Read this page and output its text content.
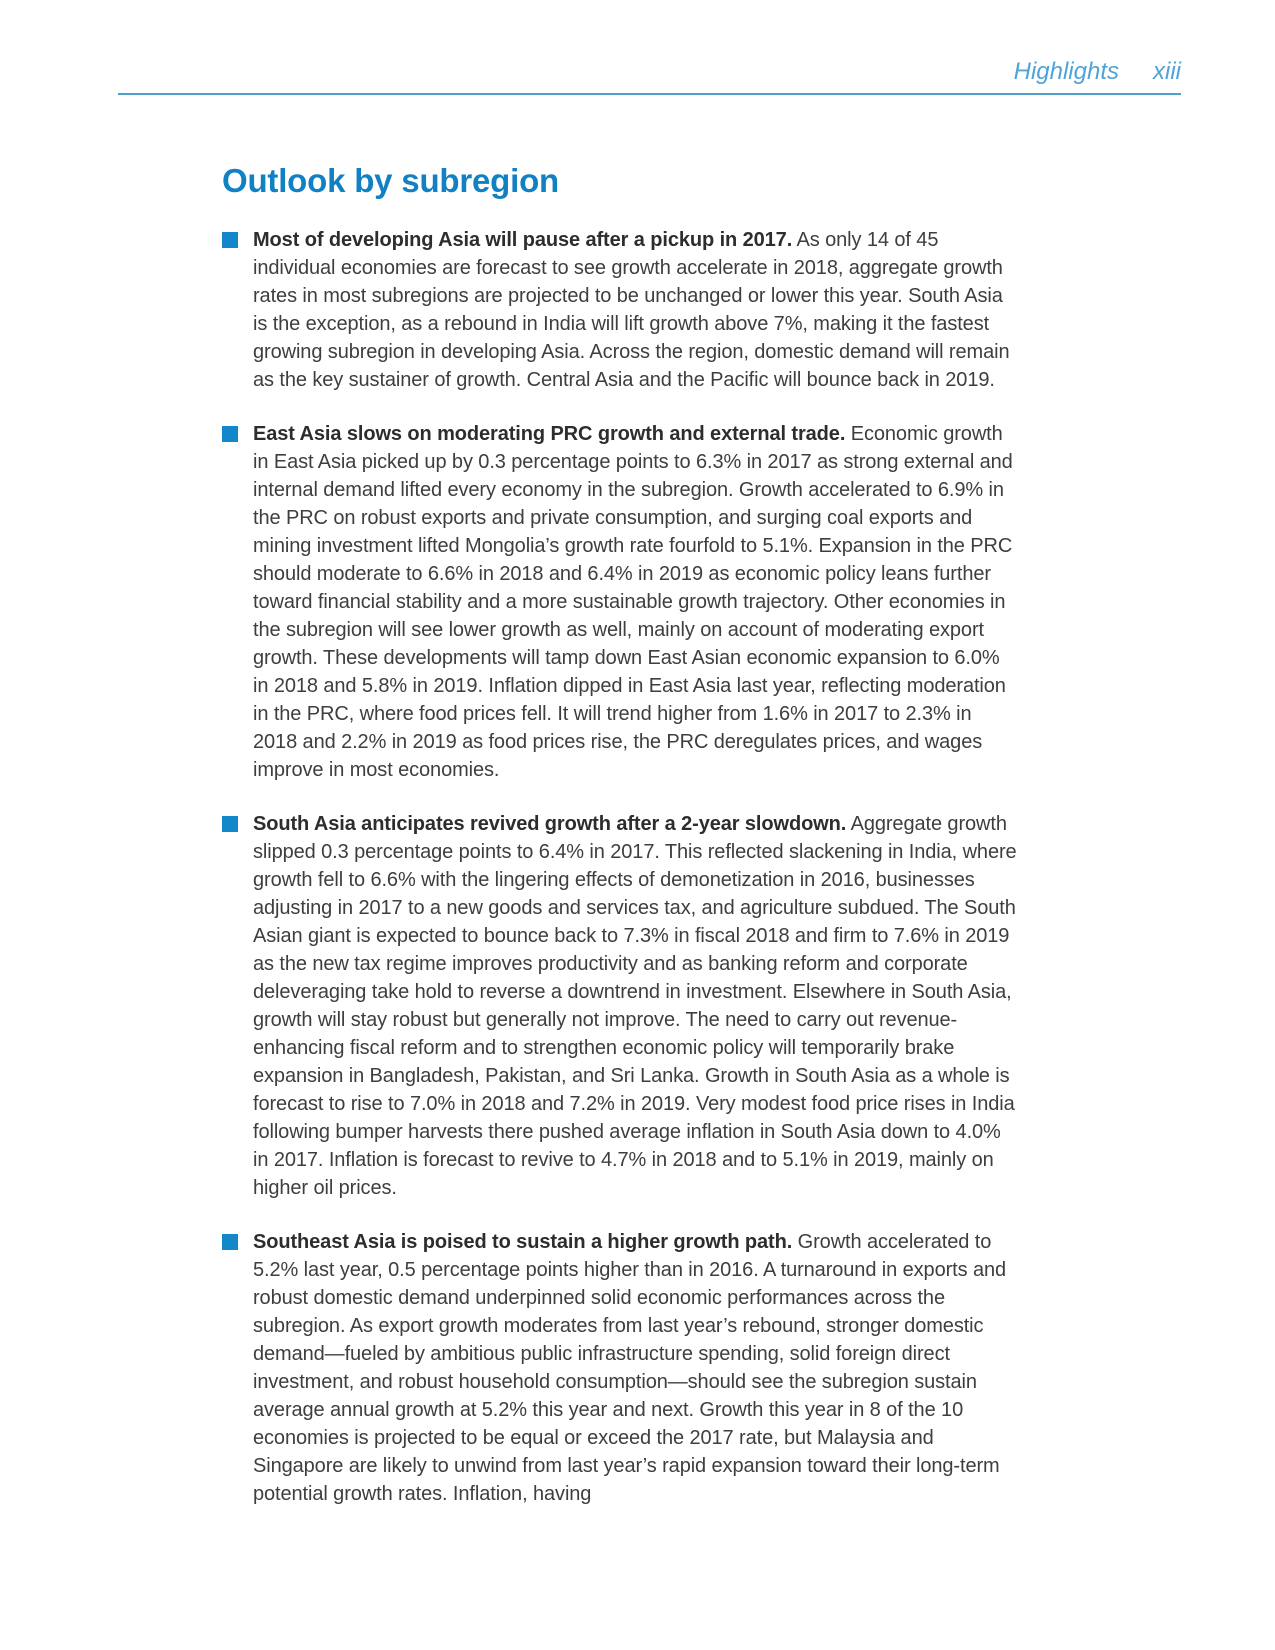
Highlights xiii
Outlook by subregion

Most of developing Asia will pause after a pickup in 2017. As only 14 of 45 individual economies are forecast to see growth accelerate in 2018, aggregate growth rates in most subregions are projected to be unchanged or lower this year. South Asia is the exception, as a rebound in India will lift growth above 7%, making it the fastest growing subregion in developing Asia. Across the region, domestic demand will remain as the key sustainer of growth. Central Asia and the Pacific will bounce back in 2019.

East Asia slows on moderating PRC growth and external trade. Economic growth in East Asia picked up by 0.3 percentage points to 6.3% in 2017 as strong external and internal demand lifted every economy in the subregion. Growth accelerated to 6.9% in the PRC on robust exports and private consumption, and surging coal exports and mining investment lifted Mongolia’s growth rate fourfold to 5.1%. Expansion in the PRC should moderate to 6.6% in 2018 and 6.4% in 2019 as economic policy leans further toward financial stability and a more sustainable growth trajectory. Other economies in the subregion will see lower growth as well, mainly on account of moderating export growth. These developments will tamp down East Asian economic expansion to 6.0% in 2018 and 5.8% in 2019. Inflation dipped in East Asia last year, reflecting moderation in the PRC, where food prices fell. It will trend higher from 1.6% in 2017 to 2.3% in 2018 and 2.2% in 2019 as food prices rise, the PRC deregulates prices, and wages improve in most economies.

South Asia anticipates revived growth after a 2-year slowdown. Aggregate growth slipped 0.3 percentage points to 6.4% in 2017. This reflected slackening in India, where growth fell to 6.6% with the lingering effects of demonetization in 2016, businesses adjusting in 2017 to a new goods and services tax, and agriculture subdued. The South Asian giant is expected to bounce back to 7.3% in fiscal 2018 and firm to 7.6% in 2019 as the new tax regime improves productivity and as banking reform and corporate deleveraging take hold to reverse a downtrend in investment. Elsewhere in South Asia, growth will stay robust but generally not improve. The need to carry out revenue-enhancing fiscal reform and to strengthen economic policy will temporarily brake expansion in Bangladesh, Pakistan, and Sri Lanka. Growth in South Asia as a whole is forecast to rise to 7.0% in 2018 and 7.2% in 2019. Very modest food price rises in India following bumper harvests there pushed average inflation in South Asia down to 4.0% in 2017. Inflation is forecast to revive to 4.7% in 2018 and to 5.1% in 2019, mainly on higher oil prices.

Southeast Asia is poised to sustain a higher growth path. Growth accelerated to 5.2% last year, 0.5 percentage points higher than in 2016. A turnaround in exports and robust domestic demand underpinned solid economic performances across the subregion. As export growth moderates from last year’s rebound, stronger domestic demand—fueled by ambitious public infrastructure spending, solid foreign direct investment, and robust household consumption—should see the subregion sustain average annual growth at 5.2% this year and next. Growth this year in 8 of the 10 economies is projected to be equal or exceed the 2017 rate, but Malaysia and Singapore are likely to unwind from last year’s rapid expansion toward their long-term potential growth rates. Inflation, having
